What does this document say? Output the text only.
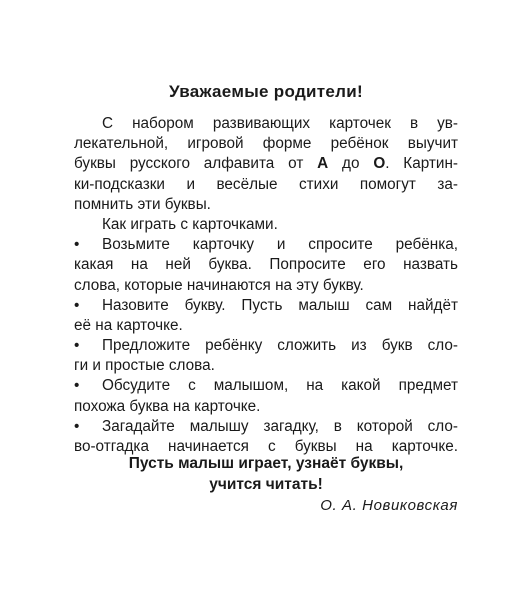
Уважаемые родители!
С набором развивающих карточек в ув-
лекательной, игровой форме ребёнок выучит
буквы русского алфавита от А до О. Картин-
ки-подсказки и весёлые стихи помогут за-
помнить эти буквы.
Как играть с карточками.
•	Возьмите карточку и спросите ребёнка,
какая на ней буква. Попросите его назвать
слова, которые начинаются на эту букву.
•	Назовите букву. Пусть малыш сам найдёт
её на карточке.
•	Предложите ребёнку сложить из букв сло-
ги и простые слова.
•	Обсудите с малышом, на какой предмет
похожа буква на карточке.
•	Загадайте малышу загадку, в которой сло-
во-отгадка начинается с буквы на карточке.
Пусть малыш играет, узнаёт буквы,
учится читать!
О. А. Новиковская
